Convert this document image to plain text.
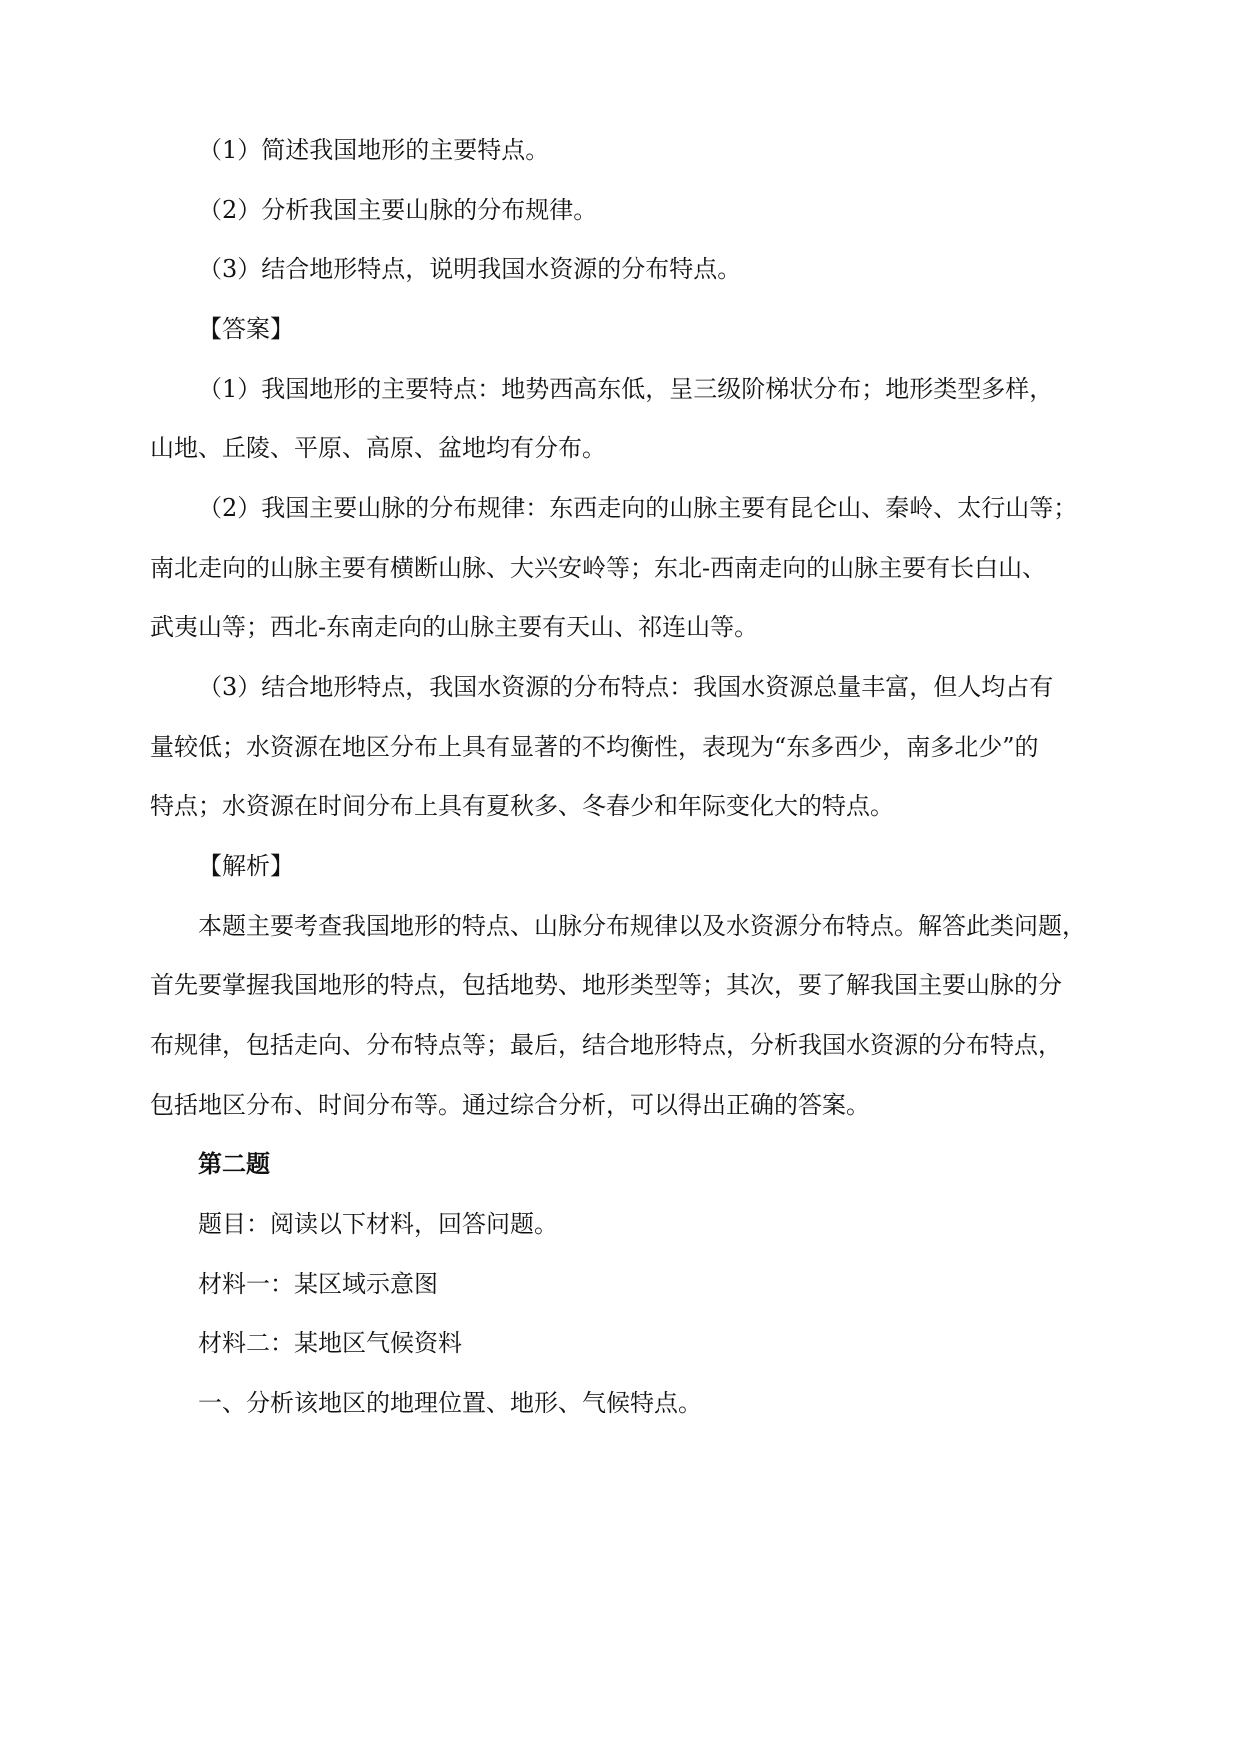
（1）简述我国地形的主要特点。
（2）分析我国主要山脉的分布规律。
（3）结合地形特点，说明我国水资源的分布特点。
【答案】
（1）我国地形的主要特点：地势西高东低，呈三级阶梯状分布；地形类型多样，
山地、丘陵、平原、高原、盆地均有分布。
（2）我国主要山脉的分布规律：东西走向的山脉主要有昆仑山、秦岭、太行山等；
南北走向的山脉主要有横断山脉、大兴安岭等；东北-西南走向的山脉主要有长白山、
武夷山等；西北-东南走向的山脉主要有天山、祁连山等。
（3）结合地形特点，我国水资源的分布特点：我国水资源总量丰富，但人均占有
量较低；水资源在地区分布上具有显著的不均衡性，表现为“东多西少，南多北少”的
特点；水资源在时间分布上具有夏秋多、冬春少和年际变化大的特点。
【解析】
本题主要考查我国地形的特点、山脉分布规律以及水资源分布特点。解答此类问题，
首先要掌握我国地形的特点，包括地势、地形类型等；其次，要了解我国主要山脉的分
布规律，包括走向、分布特点等；最后，结合地形特点，分析我国水资源的分布特点，
包括地区分布、时间分布等。通过综合分析，可以得出正确的答案。
第二题
题目：阅读以下材料，回答问题。
材料一：某区域示意图
材料二：某地区气候资料
一、分析该地区的地理位置、地形、气候特点。
